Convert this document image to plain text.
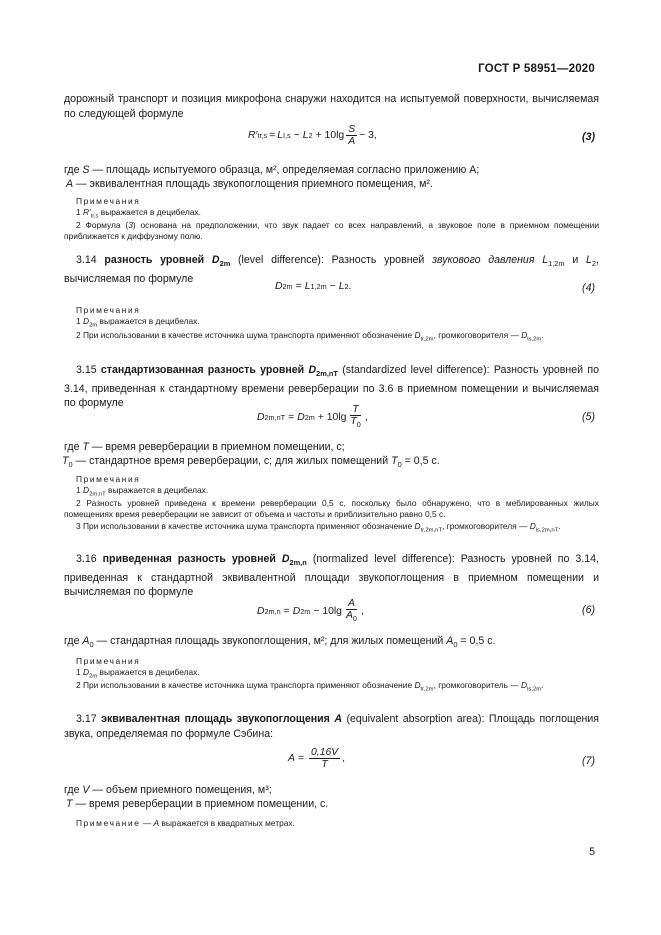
ГОСТ Р 58951—2020
дорожный транспорт и позиция микрофона снаружи находится на испытуемой поверхности, вычисляемая по следующей формуле
R′ tr,s = L I,s − L $2 + 10\lg \frac{S}{A} - 3$,	(3)
где S — площадь испытуемого образца, м², определяемая согласно приложению А;
A — эквивалентная площадь звукопоглощения приемного помещения, м².
Примечания
1 $R'_{tr,s}$ выражается в децибелах.
2 Формула (3) основана на предположении, что звук падает со всех направлений, а звуковое поле в приемном помещении приближается к диффузному полю.
3.14 разность уровней $D_{2m}$ (level difference): Разность уровней звукового давления $L_{1,2m}$ и $L_2$, вычисляемая по формуле
D 2m = L 1,2m − L 2 .	(4)
Примечания
1 $D_{2m}$ выражается в децибелах.
2 При использовании в качестве источника шума транспорта применяют обозначение $D_{tr,2m}$, громкоговорителя — $D_{ls,2m}$.
3.15 стандартизованная разность уровней $D_{2m,nT}$ (standardized level difference): Разность уровней по 3.14, приведенная к стандартному времени реверберации по 3.6 в приемном помещении и вычисляемая по формуле
D 2m,nT = D $2m + 10\lg \frac{T}{T_0}$ ,	(5)
где T — время реверберации в приемном помещении, с;
$T_0$ — стандартное время реверберации, с; для жилых помещений $T_0 = 0,5$ с.
Примечания
1 $D_{2m,nT}$ выражается в децибелах.
2 Разность уровней приведена к времени реверберации 0,5 с, поскольку было обнаружено, что в меблированных жилых помещениях время реверберации не зависит от объема и частоты и приблизительно равно 0,5 с.
3 При использовании в качестве источника шума транспорта применяют обозначение $D_{tr,2m,nT}$, громкоговорителя — $D_{ls,2m,nT}$.
3.16 приведенная разность уровней $D_{2m,n}$ (normalized level difference): Разность уровней по 3.14, приведенная к стандартной эквивалентной площади звукопоглощения в приемном помещении и вычисляемая по формуле
D 2m,n = D $2m - 10\lg \frac{A}{A_0}$ ,	(6)
где $A_0$ — стандартная площадь звукопоглощения, м²; для жилых помещений $A_0 = 0,5$ с.
Примечания
1 $D_{2m}$ выражается в децибелах.
2 При использовании в качестве источника шума транспорта применяют обозначение $D_{tr,2m}$, громкоговоритель — $D_{ls,2m}$.
3.17 эквивалентная площадь звукопоглощения A (equivalent absorption area): Площадь поглощения звука, определяемая по формуле Сэбина:
$A = \frac{0,16V}{T}$ ,	(7)
где V — объем приемного помещения, м³;
T — время реверберации в приемном помещении, с.
Примечание — A выражается в квадратных метрах.
5
